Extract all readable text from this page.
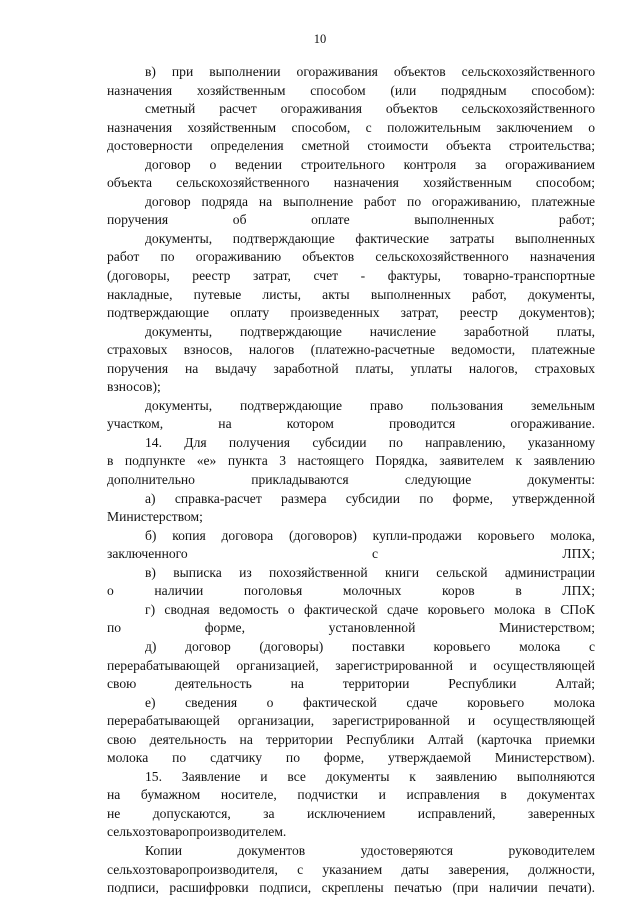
10

в) при выполнении огораживания объектов сельскохозяйственного
назначения хозяйственным способом (или подрядным способом):

сметный расчет огораживания объектов сельскохозяйственного
назначения хозяйственным способом, с положительным заключением о
достоверности определения сметной стоимости объекта строительства;

договор о ведении строительного контроля за огораживанием
объекта сельскохозяйственного назначения хозяйственным способом;

договор подряда на выполнение работ по огораживанию, платежные
поручения об оплате выполненных работ;

документы, подтверждающие фактические затраты выполненных
работ по огораживанию объектов сельскохозяйственного назначения
(договоры, реестр затрат, счет - фактуры, товарно-транспортные
накладные, путевые листы, акты выполненных работ, документы,
подтверждающие оплату произведенных затрат, реестр документов);

документы, подтверждающие начисление заработной платы,
страховых взносов, налогов (платежно-расчетные ведомости, платежные
поручения на выдачу заработной платы, уплаты налогов, страховых
взносов);

документы, подтверждающие право пользования земельным
участком, на котором проводится огораживание.

14. Для получения субсидии по направлению, указанному
в подпункте «е» пункта 3 настоящего Порядка, заявителем к заявлению
дополнительно прикладываются следующие документы:

а) справка-расчет размера субсидии по форме, утвержденной
Министерством;

б) копия договора (договоров) купли-продажи коровьего молока,
заключенного с ЛПХ;

в) выписка из похозяйственной книги сельской администрации
о наличии поголовья молочных коров в ЛПХ;

г) сводная ведомость о фактической сдаче коровьего молока в СПоК
по форме, установленной Министерством;

д) договор (договоры) поставки коровьего молока с
перерабатывающей организацией, зарегистрированной и осуществляющей
свою деятельность на территории Республики Алтай;

е) сведения о фактической сдаче коровьего молока
перерабатывающей организации, зарегистрированной и осуществляющей
свою деятельность на территории Республики Алтай (карточка приемки
молока по сдатчику по форме, утверждаемой Министерством).

15. Заявление и все документы к заявлению выполняются
на бумажном носителе, подчистки и исправления в документах
не допускаются, за исключением исправлений, заверенных
сельхозтоваропроизводителем.

Копии документов удостоверяются руководителем
сельхозтоваропроизводителя, с указанием даты заверения, должности,
подписи, расшифровки подписи, скреплены печатью (при наличии печати).
